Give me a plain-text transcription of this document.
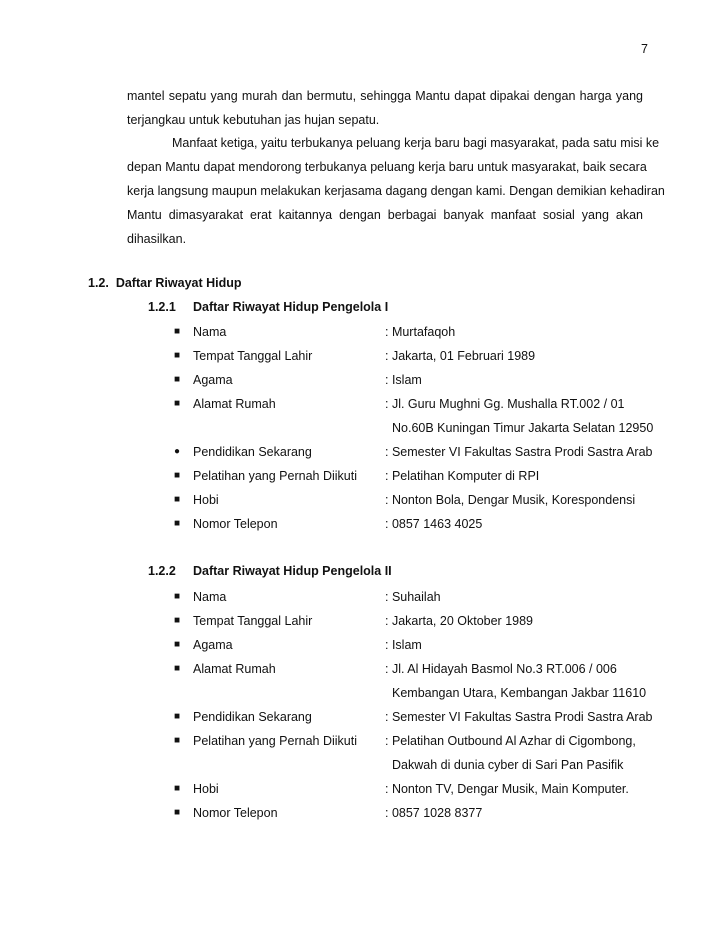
7
mantel sepatu yang murah dan bermutu, sehingga Mantu dapat dipakai dengan harga yang
terjangkau untuk kebutuhan jas hujan sepatu.
Manfaat ketiga, yaitu terbukanya peluang kerja baru bagi masyarakat, pada satu misi ke
depan Mantu dapat mendorong terbukanya peluang kerja baru untuk masyarakat, baik secara
kerja langsung maupun melakukan kerjasama dagang dengan kami. Dengan demikian kehadiran
Mantu dimasyarakat erat kaitannya dengan berbagai banyak manfaat sosial yang akan
dihasilkan.
1.2. Daftar Riwayat Hidup
1.2.1 Daftar Riwayat Hidup Pengelola I
■ Nama	: Murtafaqoh
■ Tempat Tanggal Lahir	: Jakarta, 01 Februari 1989
■ Agama	: Islam
■ Alamat Rumah	: Jl. Guru Mughni Gg. Mushalla RT.002 / 01
No.60B Kuningan Timur Jakarta Selatan 12950
● Pendidikan Sekarang	: Semester VI Fakultas Sastra Prodi Sastra Arab
■ Pelatihan yang Pernah Diikuti : Pelatihan Komputer di RPI
■ Hobi	: Nonton Bola, Dengar Musik, Korespondensi
■ Nomor Telepon	: 0857 1463 4025
1.2.2 Daftar Riwayat Hidup Pengelola II
■ Nama	: Suhailah
■ Tempat Tanggal Lahir	: Jakarta, 20 Oktober 1989
■ Agama	: Islam
■ Alamat Rumah	: Jl. Al Hidayah Basmol No.3 RT.006 / 006
Kembangan Utara, Kembangan Jakbar 11610
■ Pendidikan Sekarang	: Semester VI Fakultas Sastra Prodi Sastra Arab
■ Pelatihan yang Pernah Diikuti : Pelatihan Outbound Al Azhar di Cigombong,
Dakwah di dunia cyber di Sari Pan Pasifik
■ Hobi	: Nonton TV, Dengar Musik, Main Komputer.
■ Nomor Telepon	: 0857 1028 8377
